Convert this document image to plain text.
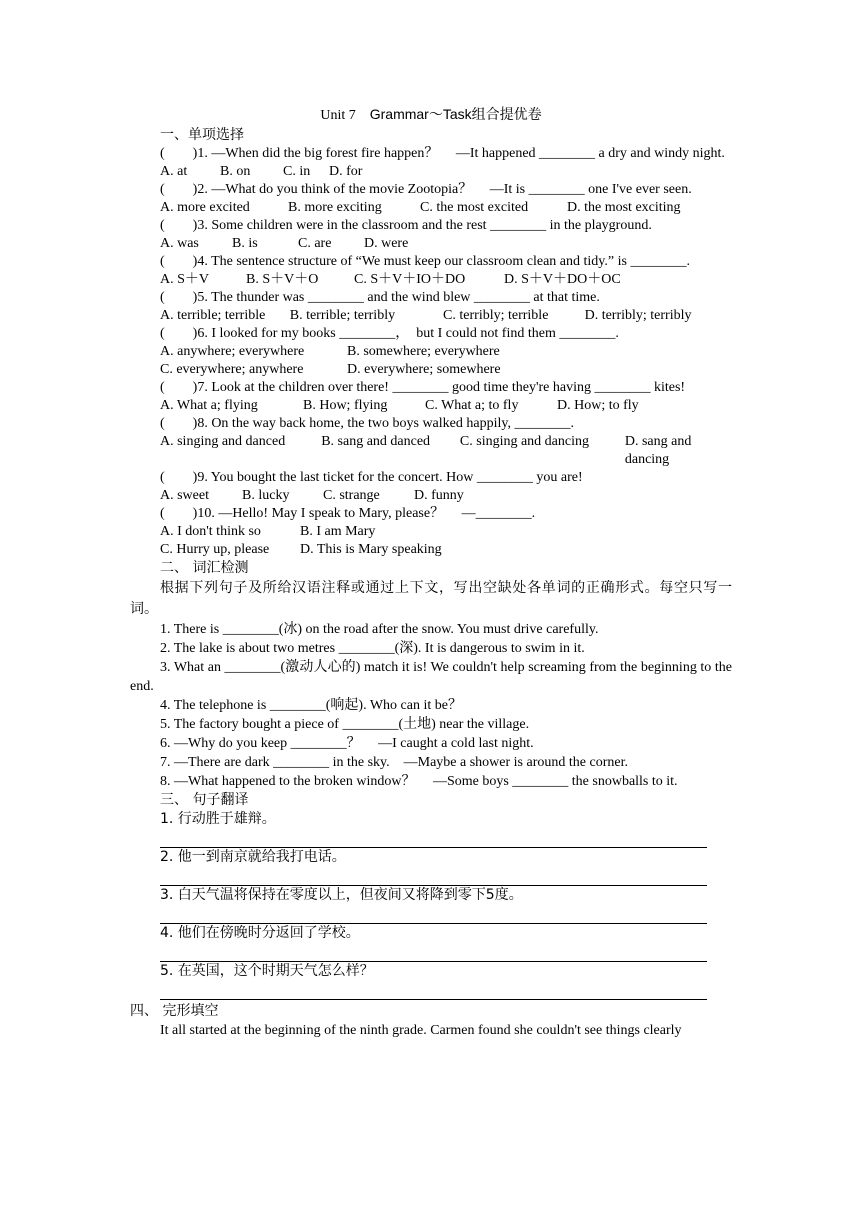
Unit 7　 Grammar～Task组合提优卷
一、单项选择
(　　)1. —When did the big forest fire happen？　 —It happened ________ a dry and windy night.
A. at	B. on	C. in	D. for
(　　)2. —What do you think of the movie Zootopia？　 —It is ________ one I've ever seen.
A. more excited	B. more exciting	C. the most excited	D. the most exciting
(　　)3. Some children were in the classroom and the rest ________ in the playground.
A. was	B. is	C. are	D. were
(　　)4. The sentence structure of “We must keep our classroom clean and tidy.” is ________.
A. S＋V	B. S＋V＋O	C. S＋V＋IO＋DO	D. S＋V＋DO＋OC
(　　)5. The thunder was ________ and the wind blew ________ at that time.
A. terrible; terrible	B. terrible; terribly	C. terribly; terrible	D. terribly; terribly
(　　)6. I looked for my books ________，　but I could not find them ________.
A. anywhere; everywhere	B. somewhere; everywhere
C. everywhere; anywhere	D. everywhere; somewhere
(　　)7. Look at the children over there! ________ good time they're having ________ kites!
A. What a; flying	B. How; flying	C. What a; to fly	D. How; to fly
(　　)8. On the way back home, the two boys walked happily, ________.
A. singing and danced	B. sang and danced	C. singing and dancing	D. sang and dancing
(　　)9. You bought the last ticket for the concert. How ________ you are!
A. sweet	B. lucky	C. strange	D. funny
(　　)10. —Hello! May I speak to Mary, please？　 —________.
A. I don't think so	B. I am Mary
C. Hurry up, please	D. This is Mary speaking
二、 词汇检测
根据下列句子及所给汉语注释或通过上下文，写出空缺处各单词的正确形式。每空只写一词。
1. There is ________(冰) on the road after the snow. You must drive carefully.
2. The lake is about two metres ________(深). It is dangerous to swim in it.
3. What an ________(激动人心的) match it is! We couldn't help screaming from the beginning to the end.
4. The telephone is ________(响起). Who can it be？
5. The factory bought a piece of ________(土地) near the village.
6. —Why do you keep ________？　 —I caught a cold last night.
7. —There are dark ________ in the sky.　—Maybe a shower is around the corner.
8. —What happened to the broken window？　 —Some boys ________ the snowballs to it.
三、 句子翻译
1. 行动胜于雄辩。
2. 他一到南京就给我打电话。
3. 白天气温将保持在零度以上，但夜间又将降到零下5度。
4. 他们在傍晚时分返回了学校。
5. 在英国，这个时期天气怎么样？
四、 完形填空
It all started at the beginning of the ninth grade. Carmen found she couldn't see things clearly
